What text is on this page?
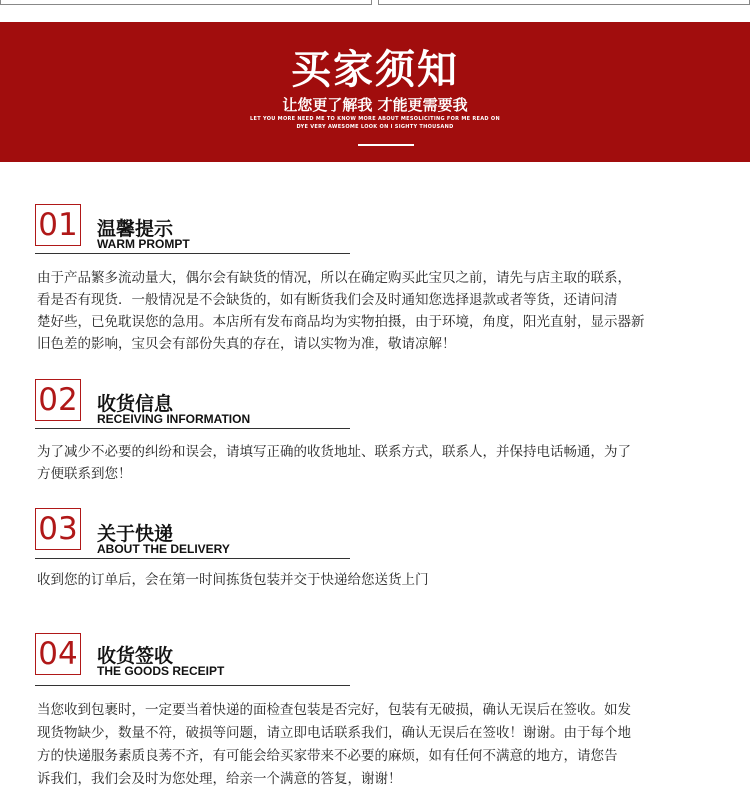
买家须知
让您更了解我 才能更需要我
LET YOU MORE NEED ME TO KNOW MORE ABOUT MESOLICITING FOR ME READ ON DYE VERY AWESOME LOOK ON I SIGHTY THOUSAND
01 温馨提示
WARM PROMPT
由于产品繁多流动量大，偶尔会有缺货的情况，所以在确定购买此宝贝之前，请先与店主取的联系，
看是否有现货．一般情况是不会缺货的，如有断货我们会及时通知您选择退款或者等货，还请问清
楚好些，已免耽误您的急用。本店所有发布商品均为实物拍摄，由于环境，角度，阳光直射，显示器新
旧色差的影响，宝贝会有部份失真的存在，请以实物为准，敬请凉解！
02 收货信息
RECEIVING INFORMATION
为了减少不必要的纠纷和误会，请填写正确的收货地址、联系方式，联系人，并保持电话畅通，为了
方便联系到您！
03 关于快递
ABOUT THE DELIVERY
收到您的订单后，会在第一时间拣货包装并交于快递给您送货上门
04 收货签收
THE GOODS RECEIPT
当您收到包裹时，一定要当着快递的面检查包装是否完好，包装有无破损，确认无误后在签收。如发
现货物缺少，数量不符，破损等问题，请立即电话联系我们，确认无误后在签收！谢谢。由于每个地
方的快递服务素质良莠不齐，有可能会给买家带来不必要的麻烦，如有任何不满意的地方，请您告
诉我们，我们会及时为您处理，给亲一个满意的答复，谢谢！
